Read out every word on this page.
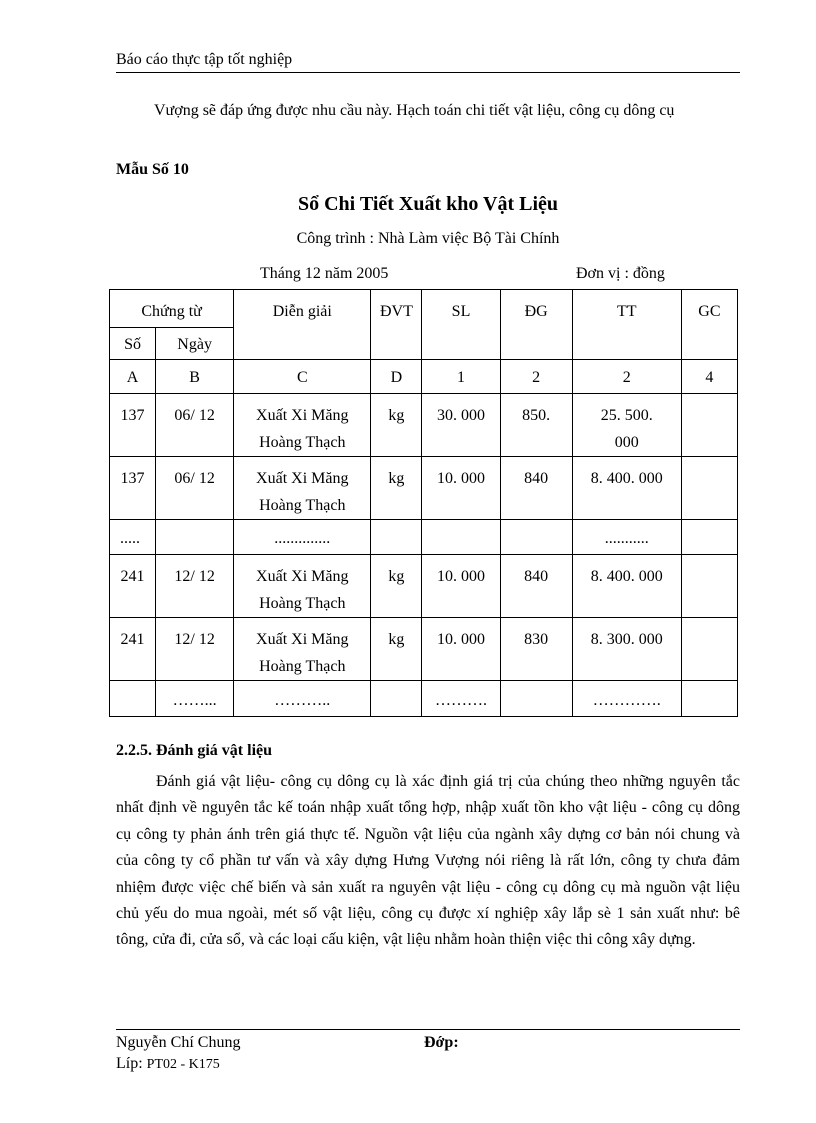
Báo cáo thực tập tốt nghiệp
Vượng sẽ đáp ứng được nhu cầu này. Hạch toán chi tiết vật liệu, công cụ dông cụ
Mẫu Số 10
Sổ Chi Tiết Xuất kho Vật Liệu
Công trình : Nhà Làm việc Bộ Tài Chính
Tháng 12 năm 2005	Đơn vị : đồng
Chứng từ		Diễn giải	ĐVT	SL	ĐG	TT	GC
Số	Ngày						
A	B	C	D	1	2	2	4
137	06/ 12	Xuất Xi Măng Hoàng Thạch	kg	30. 000	850.	25. 500. 000	
137	06/ 12	Xuất Xi Măng Hoàng Thạch	kg	10. 000	840	8. 400. 000	
.....		..............				...........	
241	12/ 12	Xuất Xi Măng Hoàng Thạch	kg	10. 000	840	8. 400. 000	
241	12/ 12	Xuất Xi Măng Hoàng Thạch	kg	10. 000	830	8. 300. 000	
	……...	………..		……….		………….	
2.2.5. Đánh giá vật liệu
Đánh giá vật liệu- công cụ dông cụ là xác định giá trị của chúng theo những nguyên tắc nhất định về nguyên tắc kế toán nhập xuất tổng hợp, nhập xuất tồn kho vật liệu - công cụ dông cụ công ty phản ánh trên giá thực tế. Nguồn vật liệu của ngành xây dựng cơ bản nói chung và của công ty cổ phần tư vấn và xây dựng Hưng Vượng nói riêng là rất lớn, công ty chưa đảm nhiệm được việc chế biến và sản xuất ra nguyên vật liệu - công cụ dông cụ mà nguồn vật liệu chủ yếu do mua ngoài, mét số vật liệu, công cụ được xí nghiệp xây lắp sè 1 sản xuất như: bê tông, cửa đi, cửa sổ, và các loại cấu kiện, vật liệu nhằm hoàn thiện việc thi công xây dựng.
Nguyễn Chí Chung	Đớp:
Líp: PT02 - K175
